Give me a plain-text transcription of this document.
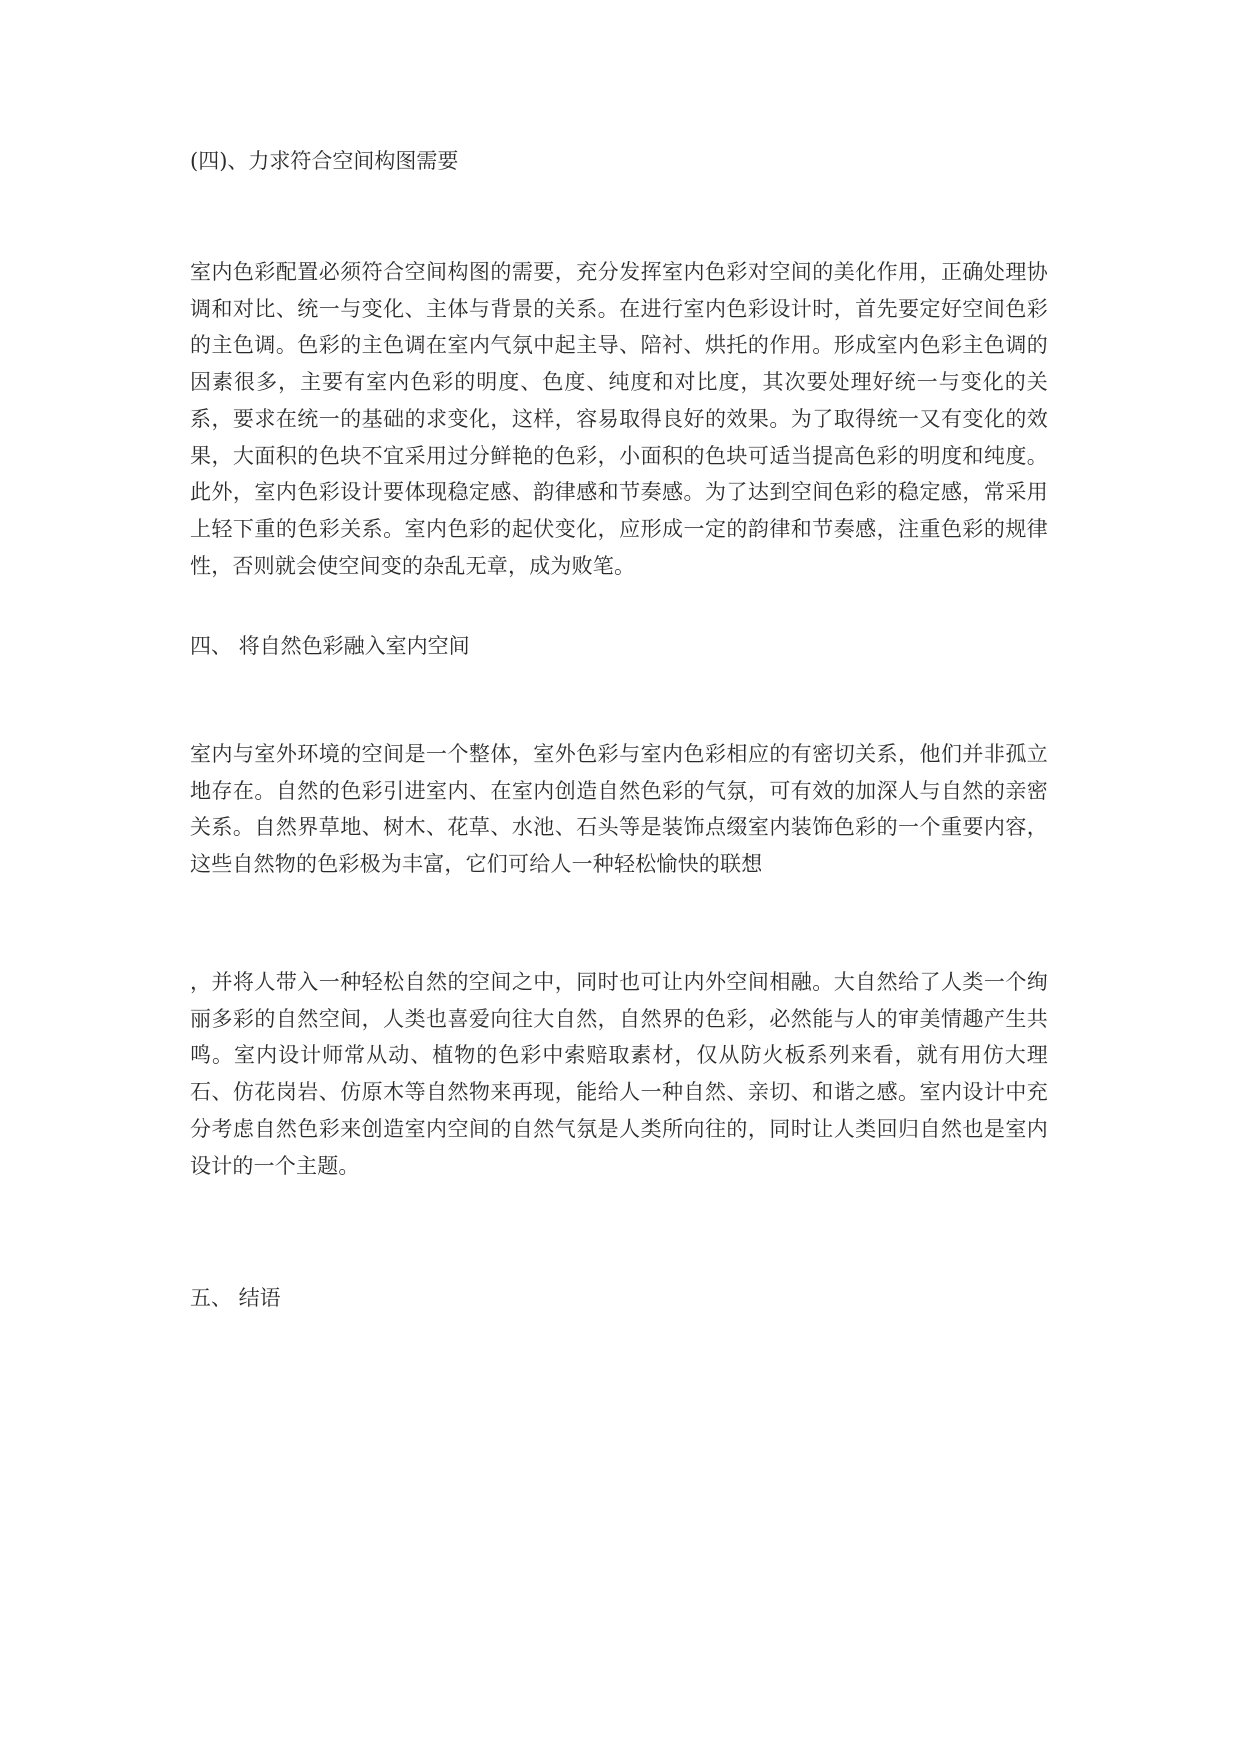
(四)、力求符合空间构图需要

室内色彩配置必须符合空间构图的需要，充分发挥室内色彩对空间的美化作用，正确处理协调和对比、统一与变化、主体与背景的关系。在进行室内色彩设计时，首先要定好空间色彩的主色调。色彩的主色调在室内气氛中起主导、陪衬、烘托的作用。形成室内色彩主色调的因素很多，主要有室内色彩的明度、色度、纯度和对比度，其次要处理好统一与变化的关系，要求在统一的基础的求变化，这样，容易取得良好的效果。为了取得统一又有变化的效果，大面积的色块不宜采用过分鲜艳的色彩，小面积的色块可适当提高色彩的明度和纯度。此外，室内色彩设计要体现稳定感、韵律感和节奏感。为了达到空间色彩的稳定感，常采用上轻下重的色彩关系。室内色彩的起伏变化，应形成一定的韵律和节奏感，注重色彩的规律性，否则就会使空间变的杂乱无章，成为败笔。

四、 将自然色彩融入室内空间

室内与室外环境的空间是一个整体，室外色彩与室内色彩相应的有密切关系，他们并非孤立地存在。自然的色彩引进室内、在室内创造自然色彩的气氛，可有效的加深人与自然的亲密关系。自然界草地、树木、花草、水池、石头等是装饰点缀室内装饰色彩的一个重要内容，这些自然物的色彩极为丰富，它们可给人一种轻松愉快的联想

，并将人带入一种轻松自然的空间之中，同时也可让内外空间相融。大自然给了人类一个绚丽多彩的自然空间，人类也喜爱向往大自然，自然界的色彩，必然能与人的审美情趣产生共鸣。室内设计师常从动、植物的色彩中索赔取素材，仅从防火板系列来看，就有用仿大理石、仿花岗岩、仿原木等自然物来再现，能给人一种自然、亲切、和谐之感。室内设计中充分考虑自然色彩来创造室内空间的自然气氛是人类所向往的，同时让人类回归自然也是室内设计的一个主题。

五、 结语
